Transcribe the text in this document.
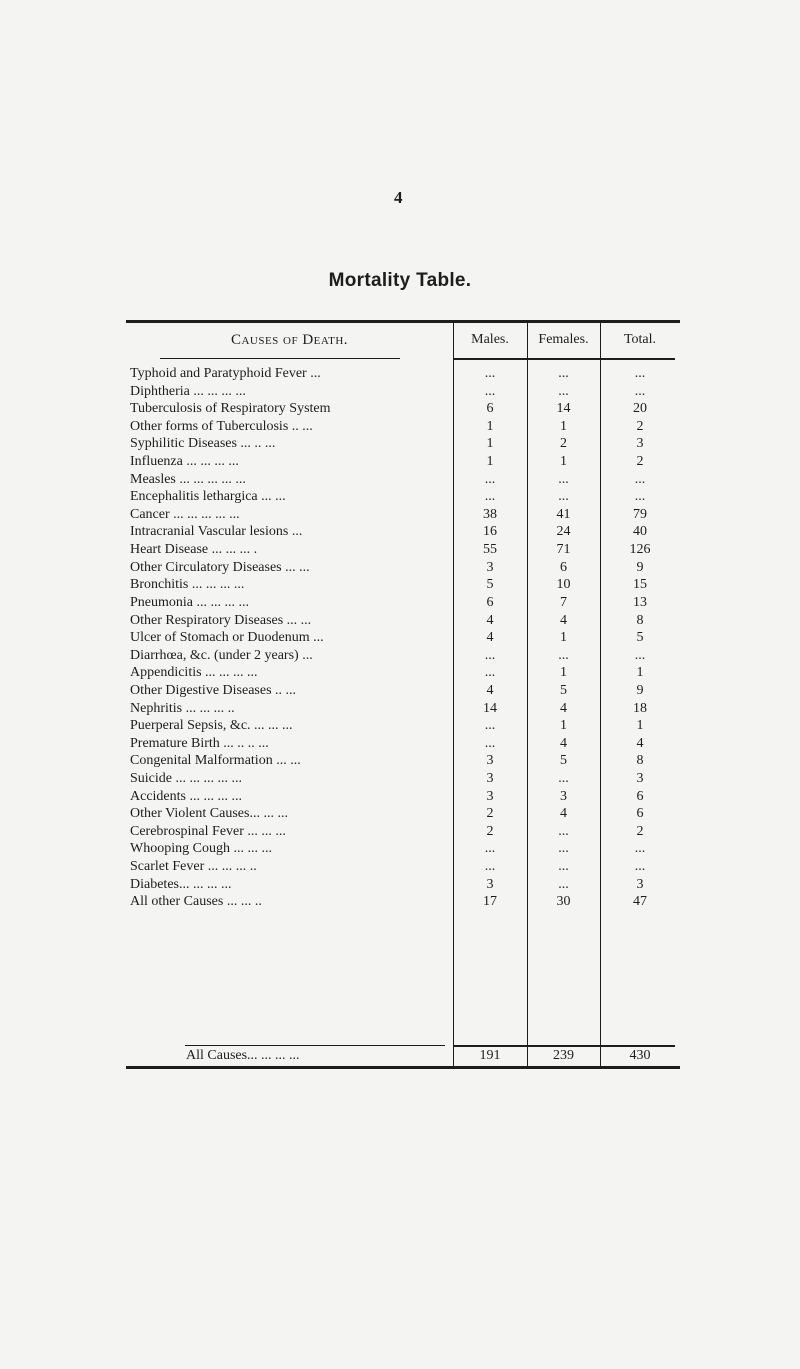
4
Mortality Table.
Causes of Death.	Males.	Females.	Total.
Typhoid and Paratyphoid Fever ...	...	...	...
Diphtheria ... ... ... ...	...	...	...
Tuberculosis of Respiratory System	6	14	20
Other forms of Tuberculosis .. ...	1	1	2
Syphilitic Diseases ... .. ...	1	2	3
Influenza ... ... ... ...	1	1	2
Measles ... ... ... ... ...	...	...	...
Encephalitis lethargica ... ...	...	...	...
Cancer ... ... ... ... ...	38	41	79
Intracranial Vascular lesions ...	16	24	40
Heart Disease ... ... ... .	55	71	126
Other Circulatory Diseases ... ...	3	6	9
Bronchitis ... ... ... ...	5	10	15
Pneumonia ... ... ... ...	6	7	13
Other Respiratory Diseases ... ...	4	4	8
Ulcer of Stomach or Duodenum ...	4	1	5
Diarrhœa, &c. (under 2 years) ...	...	...	...
Appendicitis ... ... ... ...	...	1	1
Other Digestive Diseases .. ...	4	5	9
Nephritis ... ... ... ..	14	4	18
Puerperal Sepsis, &c. ... ... ...	...	1	1
Premature Birth ... .. .. ...	...	4	4
Congenital Malformation ... ...	3	5	8
Suicide ... ... ... ... ...	3	...	3
Accidents ... ... ... ...	3	3	6
Other Violent Causes... ... ...	2	4	6
Cerebrospinal Fever ... ... ...	2	...	2
Whooping Cough ... ... ...	...	...	...
Scarlet Fever ... ... ... ..	...	...	...
Diabetes... ... ... ...	3	...	3
All other Causes ... ... ..	17	30	47
All Causes... ... ... ...	191	239	430
